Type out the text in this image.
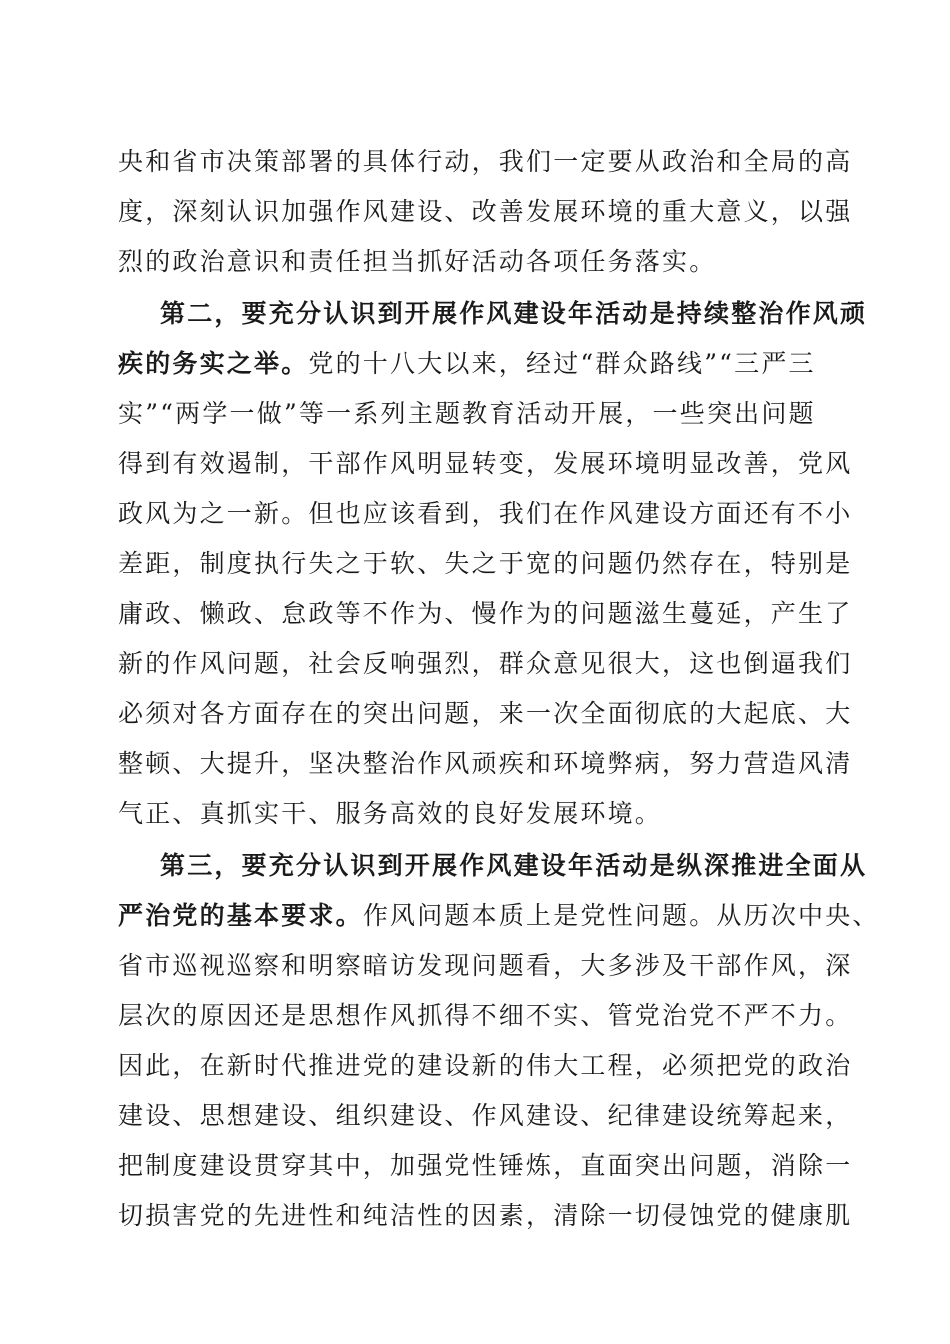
央和省市决策部署的具体行动，我们一定要从政治和全局的高
度，深刻认识加强作风建设、改善发展环境的重大意义，以强
烈的政治意识和责任担当抓好活动各项任务落实。
第二，要充分认识到开展作风建设年活动是持续整治作风顽
疾的务实之举。党的十八大以来，经过“群众路线”“三严三
实”“两学一做”等一系列主题教育活动开展，一些突出问题
得到有效遏制，干部作风明显转变，发展环境明显改善，党风
政风为之一新。但也应该看到，我们在作风建设方面还有不小
差距，制度执行失之于软、失之于宽的问题仍然存在，特别是
庸政、懒政、怠政等不作为、慢作为的问题滋生蔓延，产生了
新的作风问题，社会反响强烈，群众意见很大，这也倒逼我们
必须对各方面存在的突出问题，来一次全面彻底的大起底、大
整顿、大提升，坚决整治作风顽疾和环境弊病，努力营造风清
气正、真抓实干、服务高效的良好发展环境。
第三，要充分认识到开展作风建设年活动是纵深推进全面从
严治党的基本要求。作风问题本质上是党性问题。从历次中央、
省市巡视巡察和明察暗访发现问题看，大多涉及干部作风，深
层次的原因还是思想作风抓得不细不实、管党治党不严不力。
因此，在新时代推进党的建设新的伟大工程，必须把党的政治
建设、思想建设、组织建设、作风建设、纪律建设统筹起来，
把制度建设贯穿其中，加强党性锤炼，直面突出问题，消除一
切损害党的先进性和纯洁性的因素，清除一切侵蚀党的健康肌
